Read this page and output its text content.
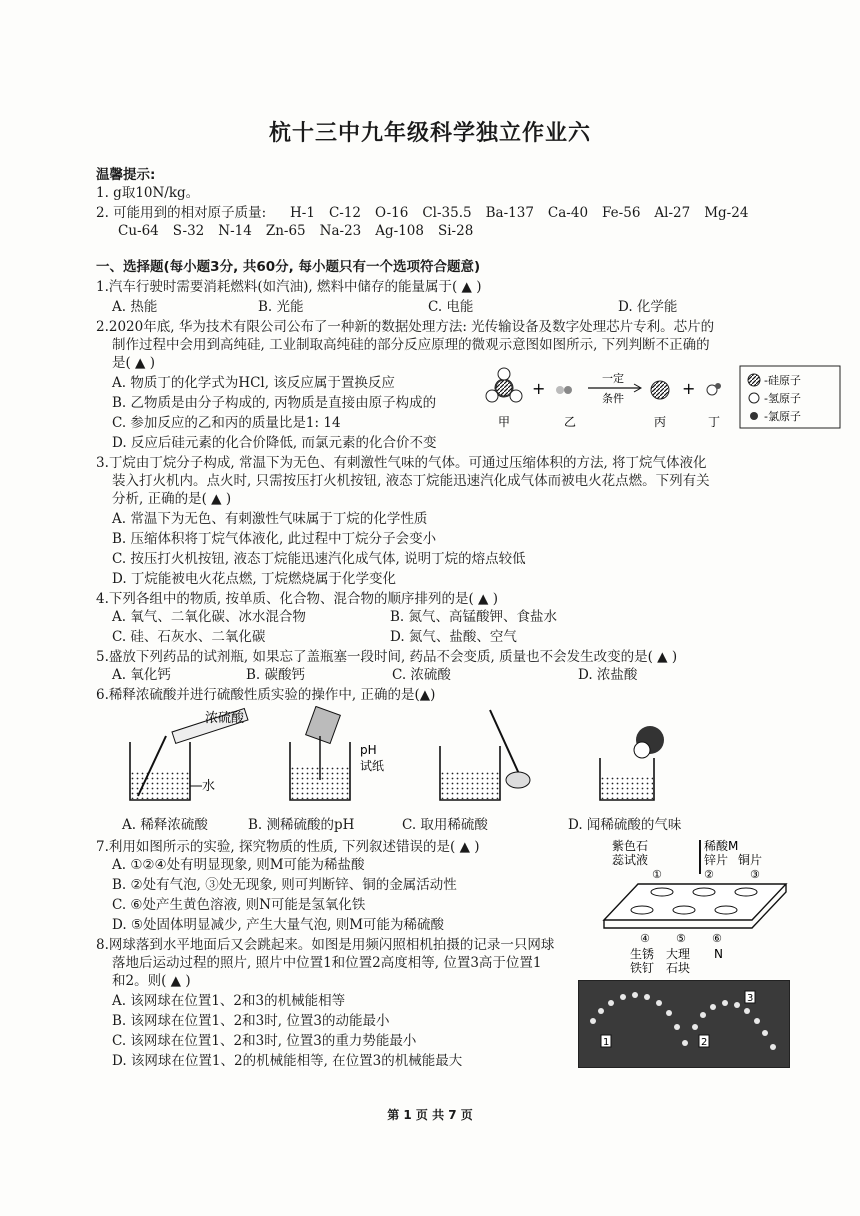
杭十三中九年级科学独立作业六
温馨提示:
1. g取10N/kg。
2. 可能用到的相对原子质量: H-1 C-12 O-16 Cl-35.5 Ba-137 Ca-40 Fe-56 Al-27 Mg-24
Cu-64 S-32 N-14 Zn-65 Na-23 Ag-108 Si-28
一、选择题(每小题3分, 共60分, 每小题只有一个选项符合题意)
1.汽车行驶时需要消耗燃料(如汽油), 燃料中储存的能量属于( ▲ )
A. 热能	B. 光能	C. 电能	D. 化学能
2.2020年底, 华为技术有限公司公布了一种新的数据处理方法: 光传输设备及数字处理芯片专利。芯片的
制作过程中会用到高纯硅, 工业制取高纯硅的部分反应原理的微观示意图如图所示, 下列判断不正确的
是( ▲ )
A. 物质丁的化学式为HCl, 该反应属于置换反应
B. 乙物质是由分子构成的, 丙物质是直接由原子构成的
C. 参加反应的乙和丙的质量比是1: 14
D. 反应后硅元素的化合价降低, 而氯元素的化合价不变
+
一定
条件
+
甲	乙	丙	丁
-硅原子
-氢原子
-氯原子
3.丁烷由丁烷分子构成, 常温下为无色、有刺激性气味的气体。可通过压缩体积的方法, 将丁烷气体液化
装入打火机内。点火时, 只需按压打火机按钮, 液态丁烷能迅速汽化成气体而被电火花点燃。下列有关
分析, 正确的是( ▲ )
A. 常温下为无色、有刺激性气味属于丁烷的化学性质
B. 压缩体积将丁烷气体液化, 此过程中丁烷分子会变小
C. 按压打火机按钮, 液态丁烷能迅速汽化成气体, 说明丁烷的熔点较低
D. 丁烷能被电火花点燃, 丁烷燃烧属于化学变化
4.下列各组中的物质, 按单质、化合物、混合物的顺序排列的是( ▲ )
A. 氧气、二氧化碳、冰水混合物	B. 氮气、高锰酸钾、食盐水
C. 硅、石灰水、二氧化碳	D. 氮气、盐酸、空气
5.盛放下列药品的试剂瓶, 如果忘了盖瓶塞一段时间, 药品不会变质, 质量也不会发生改变的是( ▲ )
A. 氧化钙	B. 碳酸钙	C. 浓硫酸	D. 浓盐酸
6.稀释浓硫酸并进行硫酸性质实验的操作中, 正确的是(▲)
浓硫酸
水
pH
试纸
A. 稀释浓硫酸	B. 测稀硫酸的pH	C. 取用稀硫酸	D. 闻稀硫酸的气味
7.利用如图所示的实验, 探究物质的性质, 下列叙述错误的是( ▲ )
A. ①②④处有明显现象, 则M可能为稀盐酸
B. ②处有气泡, ③处无现象, 则可判断锌、铜的金属活动性
C. ⑥处产生黄色溶液, 则N可能是氢氧化铁
D. ⑤处固体明显减少, 产生大量气泡, 则M可能为稀硫酸
紫色石
蕊试液
稀酸M
锌片 铜片
①	②	③
④ ⑤ ⑥
生锈
铁钉
大理
石块
N
8.网球落到水平地面后又会跳起来。如图是用频闪照相机拍摄的记录一只网球
落地后运动过程的照片, 照片中位置1和位置2高度相等, 位置3高于位置1
和2。则( ▲ )
A. 该网球在位置1、2和3的机械能相等
B. 该网球在位置1、2和3时, 位置3的动能最小
C. 该网球在位置1、2和3时, 位置3的重力势能最小
D. 该网球在位置1、2的机械能相等, 在位置3的机械能最大
1	2
3
第 1 页 共 7 页
